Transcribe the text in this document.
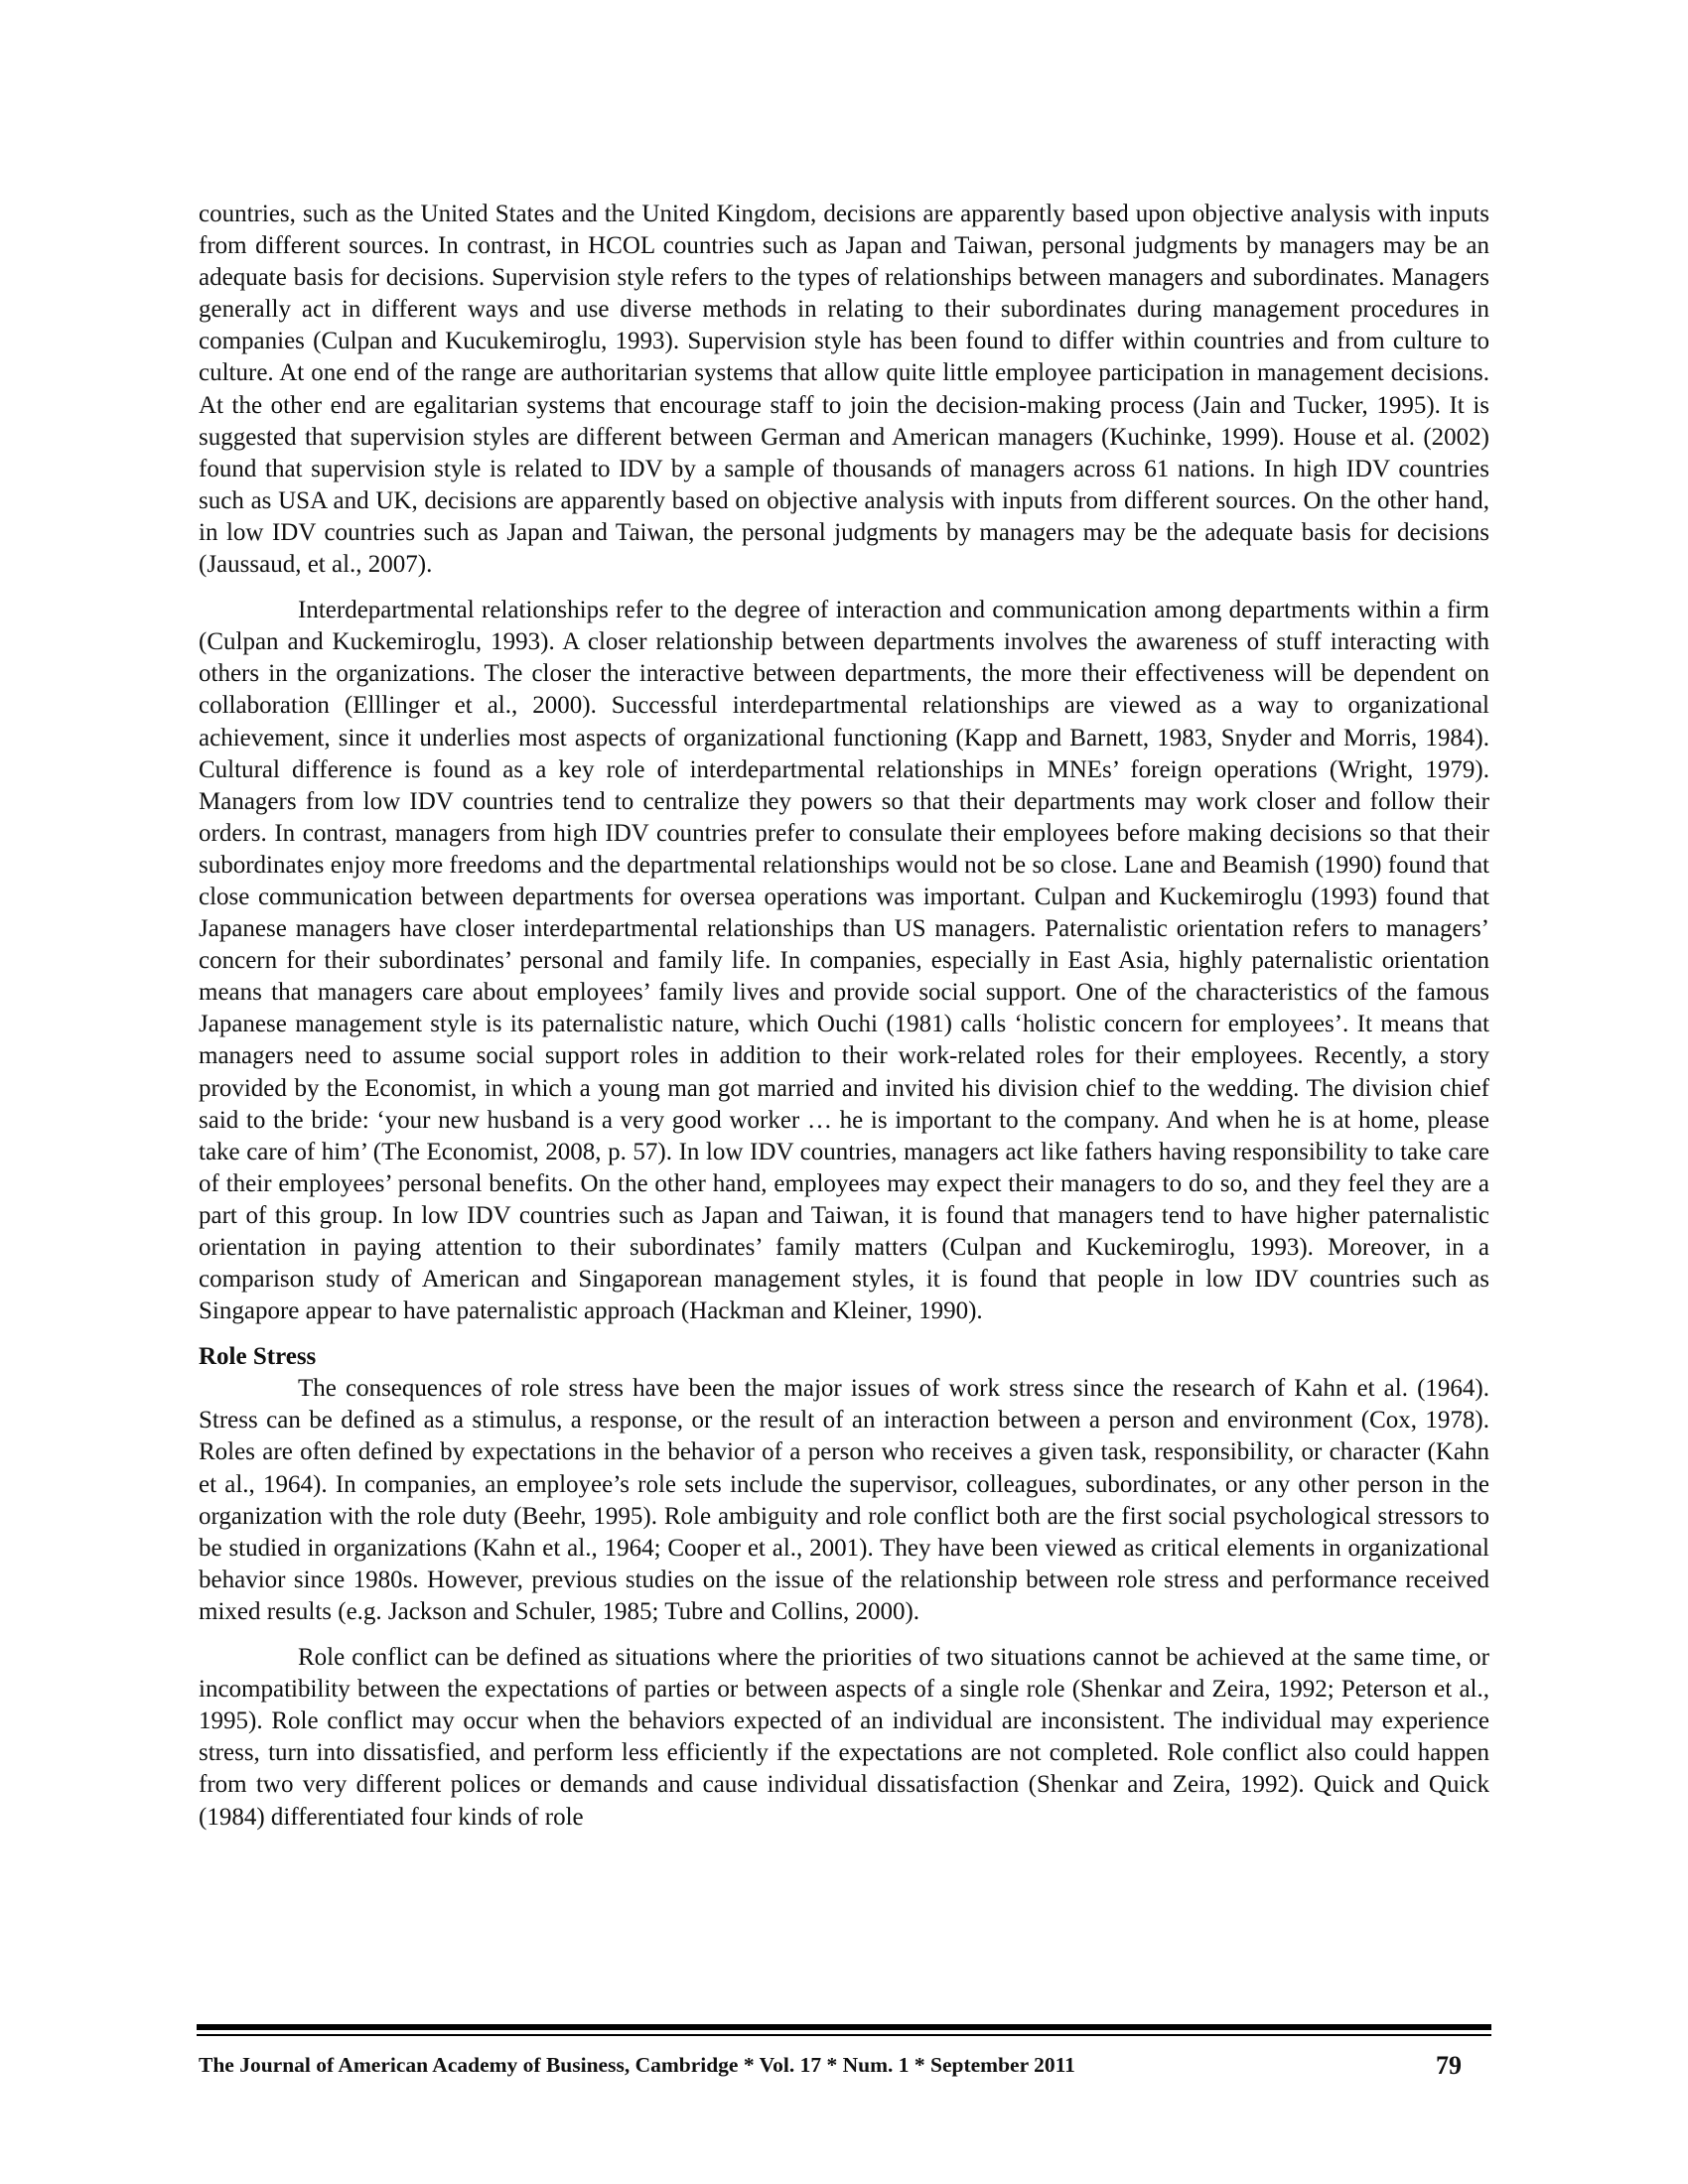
countries, such as the United States and the United Kingdom, decisions are apparently based upon objective analysis with inputs from different sources. In contrast, in HCOL countries such as Japan and Taiwan, personal judgments by managers may be an adequate basis for decisions. Supervision style refers to the types of relationships between managers and subordinates. Managers generally act in different ways and use diverse methods in relating to their subordinates during management procedures in companies (Culpan and Kucukemiroglu, 1993). Supervision style has been found to differ within countries and from culture to culture. At one end of the range are authoritarian systems that allow quite little employee participation in management decisions. At the other end are egalitarian systems that encourage staff to join the decision-making process (Jain and Tucker, 1995). It is suggested that supervision styles are different between German and American managers (Kuchinke, 1999). House et al. (2002) found that supervision style is related to IDV by a sample of thousands of managers across 61 nations. In high IDV countries such as USA and UK, decisions are apparently based on objective analysis with inputs from different sources. On the other hand, in low IDV countries such as Japan and Taiwan, the personal judgments by managers may be the adequate basis for decisions (Jaussaud, et al., 2007).

Interdepartmental relationships refer to the degree of interaction and communication among departments within a firm (Culpan and Kuckemiroglu, 1993). A closer relationship between departments involves the awareness of stuff interacting with others in the organizations. The closer the interactive between departments, the more their effectiveness will be dependent on collaboration (Elllinger et al., 2000). Successful interdepartmental relationships are viewed as a way to organizational achievement, since it underlies most aspects of organizational functioning (Kapp and Barnett, 1983, Snyder and Morris, 1984). Cultural difference is found as a key role of interdepartmental relationships in MNEs’ foreign operations (Wright, 1979). Managers from low IDV countries tend to centralize they powers so that their departments may work closer and follow their orders. In contrast, managers from high IDV countries prefer to consulate their employees before making decisions so that their subordinates enjoy more freedoms and the departmental relationships would not be so close. Lane and Beamish (1990) found that close communication between departments for oversea operations was important. Culpan and Kuckemiroglu (1993) found that Japanese managers have closer interdepartmental relationships than US managers. Paternalistic orientation refers to managers’ concern for their subordinates’ personal and family life. In companies, especially in East Asia, highly paternalistic orientation means that managers care about employees’ family lives and provide social support. One of the characteristics of the famous Japanese management style is its paternalistic nature, which Ouchi (1981) calls ‘holistic concern for employees’. It means that managers need to assume social support roles in addition to their work-related roles for their employees. Recently, a story provided by the Economist, in which a young man got married and invited his division chief to the wedding. The division chief said to the bride: ‘your new husband is a very good worker … he is important to the company. And when he is at home, please take care of him’ (The Economist, 2008, p. 57). In low IDV countries, managers act like fathers having responsibility to take care of their employees’ personal benefits. On the other hand, employees may expect their managers to do so, and they feel they are a part of this group. In low IDV countries such as Japan and Taiwan, it is found that managers tend to have higher paternalistic orientation in paying attention to their subordinates’ family matters (Culpan and Kuckemiroglu, 1993). Moreover, in a comparison study of American and Singaporean management styles, it is found that people in low IDV countries such as Singapore appear to have paternalistic approach (Hackman and Kleiner, 1990).

Role Stress

The consequences of role stress have been the major issues of work stress since the research of Kahn et al. (1964). Stress can be defined as a stimulus, a response, or the result of an interaction between a person and environment (Cox, 1978). Roles are often defined by expectations in the behavior of a person who receives a given task, responsibility, or character (Kahn et al., 1964). In companies, an employee’s role sets include the supervisor, colleagues, subordinates, or any other person in the organization with the role duty (Beehr, 1995). Role ambiguity and role conflict both are the first social psychological stressors to be studied in organizations (Kahn et al., 1964; Cooper et al., 2001). They have been viewed as critical elements in organizational behavior since 1980s. However, previous studies on the issue of the relationship between role stress and performance received mixed results (e.g. Jackson and Schuler, 1985; Tubre and Collins, 2000).

Role conflict can be defined as situations where the priorities of two situations cannot be achieved at the same time, or incompatibility between the expectations of parties or between aspects of a single role (Shenkar and Zeira, 1992; Peterson et al., 1995). Role conflict may occur when the behaviors expected of an individual are inconsistent. The individual may experience stress, turn into dissatisfied, and perform less efficiently if the expectations are not completed. Role conflict also could happen from two very different polices or demands and cause individual dissatisfaction (Shenkar and Zeira, 1992). Quick and Quick (1984) differentiated four kinds of role

The Journal of American Academy of Business, Cambridge * Vol. 17 * Num. 1 * September 2011	79
